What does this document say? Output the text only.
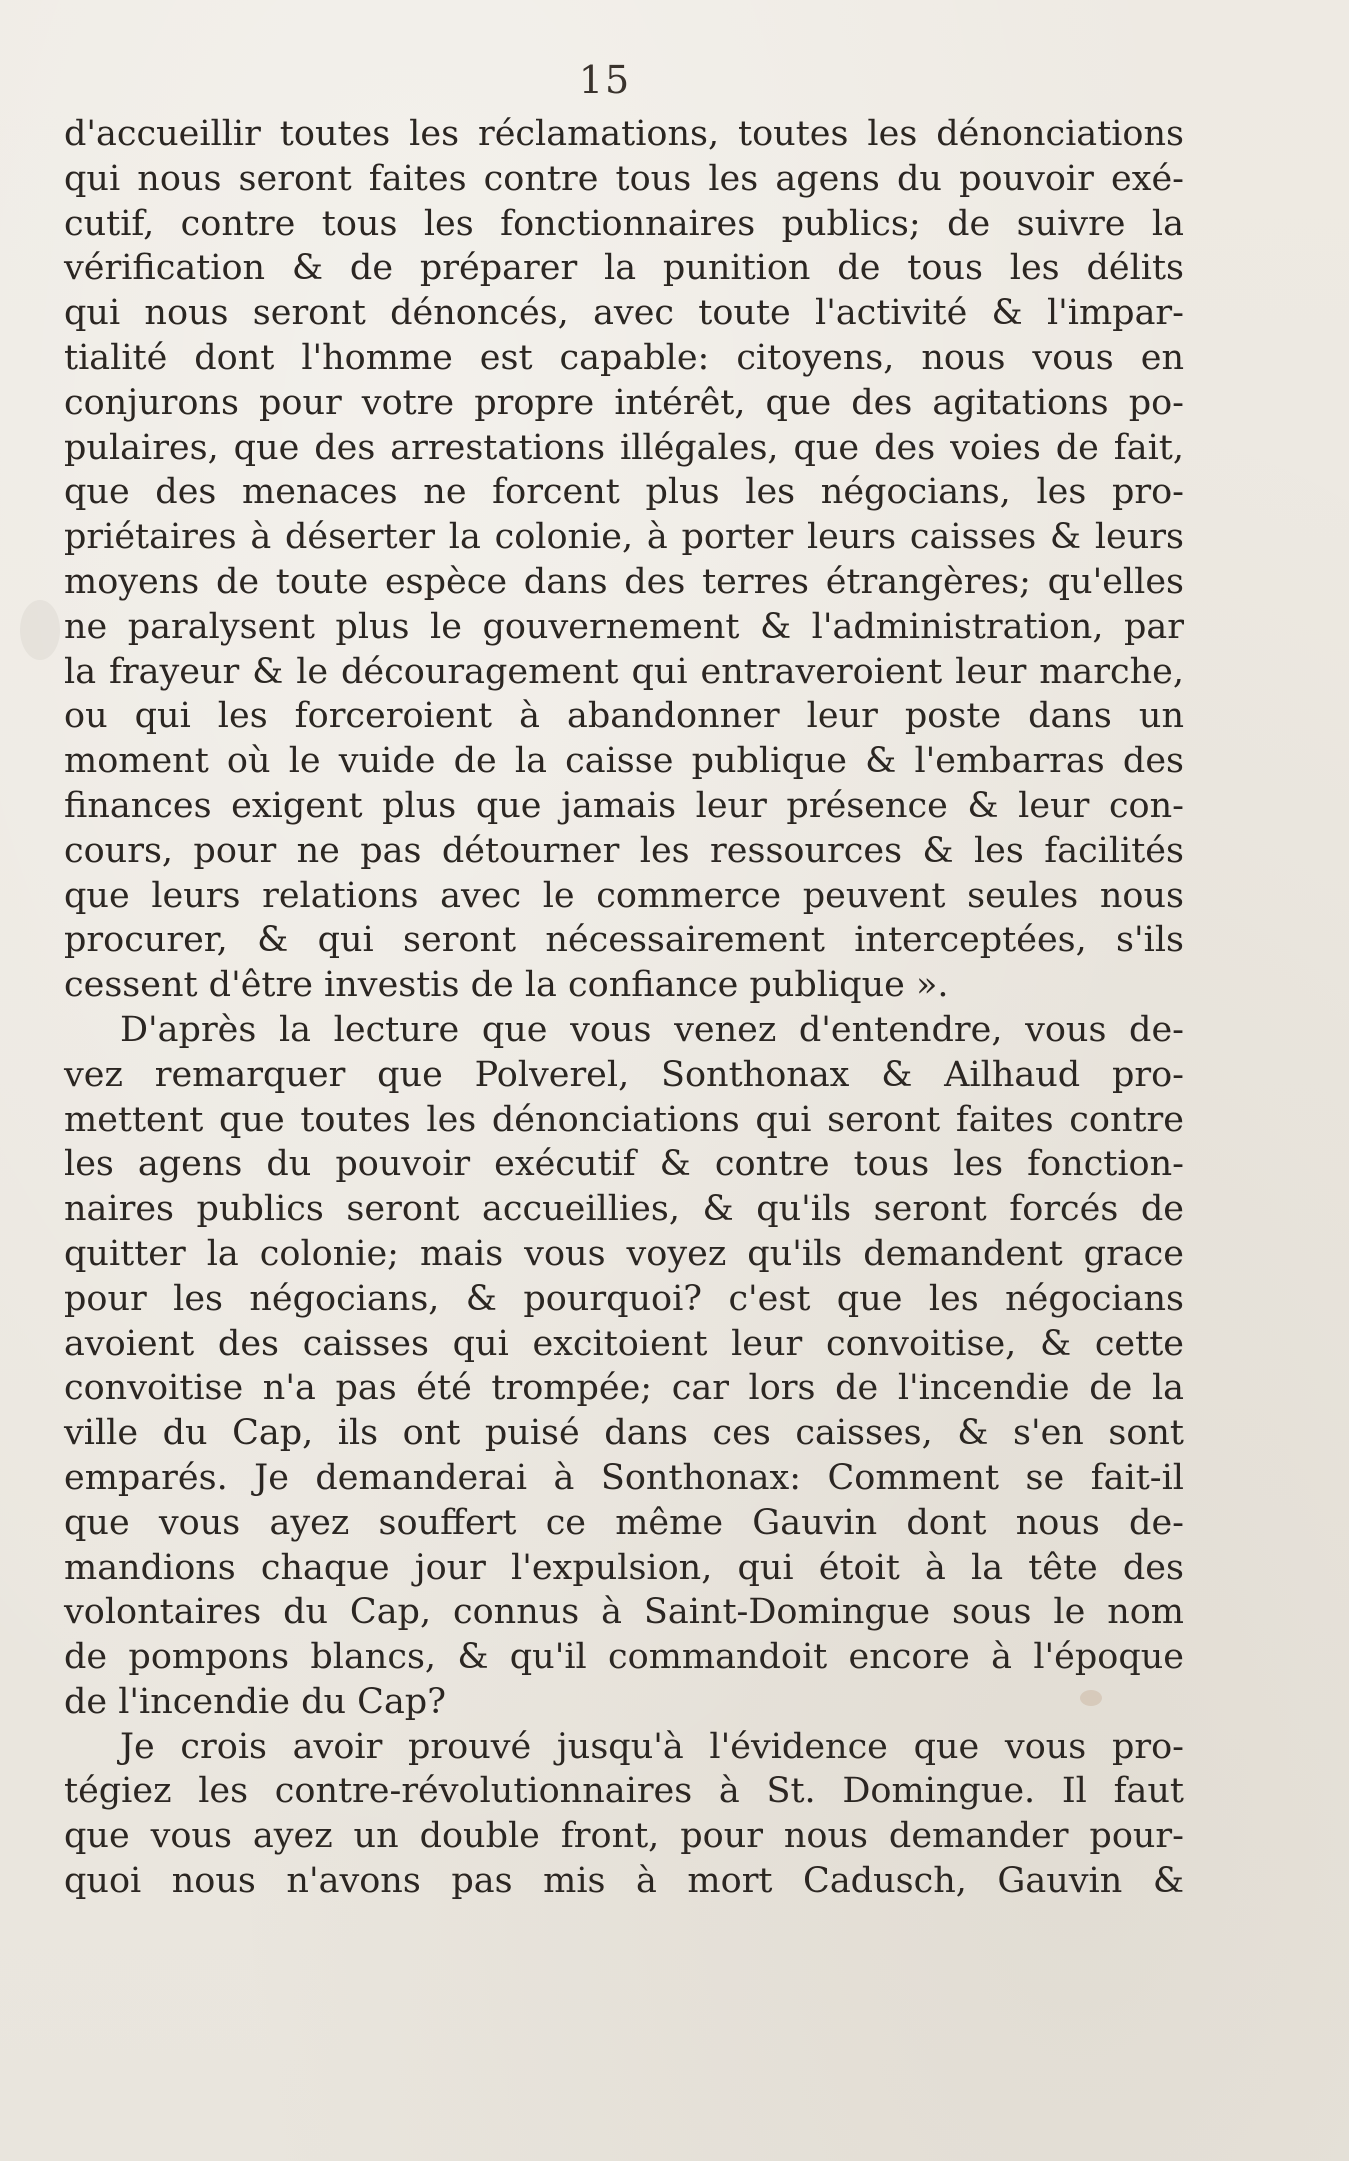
15
d'accueillir toutes les réclamations, toutes les dénonciations
qui nous seront faites contre tous les agens du pouvoir exé-
cutif, contre tous les fonctionnaires publics; de suivre la
vérification & de préparer la punition de tous les délits
qui nous seront dénoncés, avec toute l'activité & l'impar-
tialité dont l'homme est capable: citoyens, nous vous en
conjurons pour votre propre intérêt, que des agitations po-
pulaires, que des arrestations illégales, que des voies de fait,
que des menaces ne forcent plus les négocians, les pro-
priétaires à déserter la colonie, à porter leurs caisses & leurs
moyens de toute espèce dans des terres étrangères; qu'elles
ne paralysent plus le gouvernement & l'administration, par
la frayeur & le découragement qui entraveroient leur marche,
ou qui les forceroient à abandonner leur poste dans un
moment où le vuide de la caisse publique & l'embarras des
finances exigent plus que jamais leur présence & leur con-
cours, pour ne pas détourner les ressources & les facilités
que leurs relations avec le commerce peuvent seules nous
procurer, & qui seront nécessairement interceptées, s'ils
cessent d'être investis de la confiance publique ».
D'après la lecture que vous venez d'entendre, vous de-
vez remarquer que Polverel, Sonthonax & Ailhaud pro-
mettent que toutes les dénonciations qui seront faites contre
les agens du pouvoir exécutif & contre tous les fonction-
naires publics seront accueillies, & qu'ils seront forcés de
quitter la colonie; mais vous voyez qu'ils demandent grace
pour les négocians, & pourquoi? c'est que les négocians
avoient des caisses qui excitoient leur convoitise, & cette
convoitise n'a pas été trompée; car lors de l'incendie de la
ville du Cap, ils ont puisé dans ces caisses, & s'en sont
emparés. Je demanderai à Sonthonax: Comment se fait-il
que vous ayez souffert ce même Gauvin dont nous de-
mandions chaque jour l'expulsion, qui étoit à la tête des
volontaires du Cap, connus à Saint-Domingue sous le nom
de pompons blancs, & qu'il commandoit encore à l'époque
de l'incendie du Cap?
Je crois avoir prouvé jusqu'à l'évidence que vous pro-
tégiez les contre-révolutionnaires à St. Domingue. Il faut
que vous ayez un double front, pour nous demander pour-
quoi nous n'avons pas mis à mort Cadusch, Gauvin &
